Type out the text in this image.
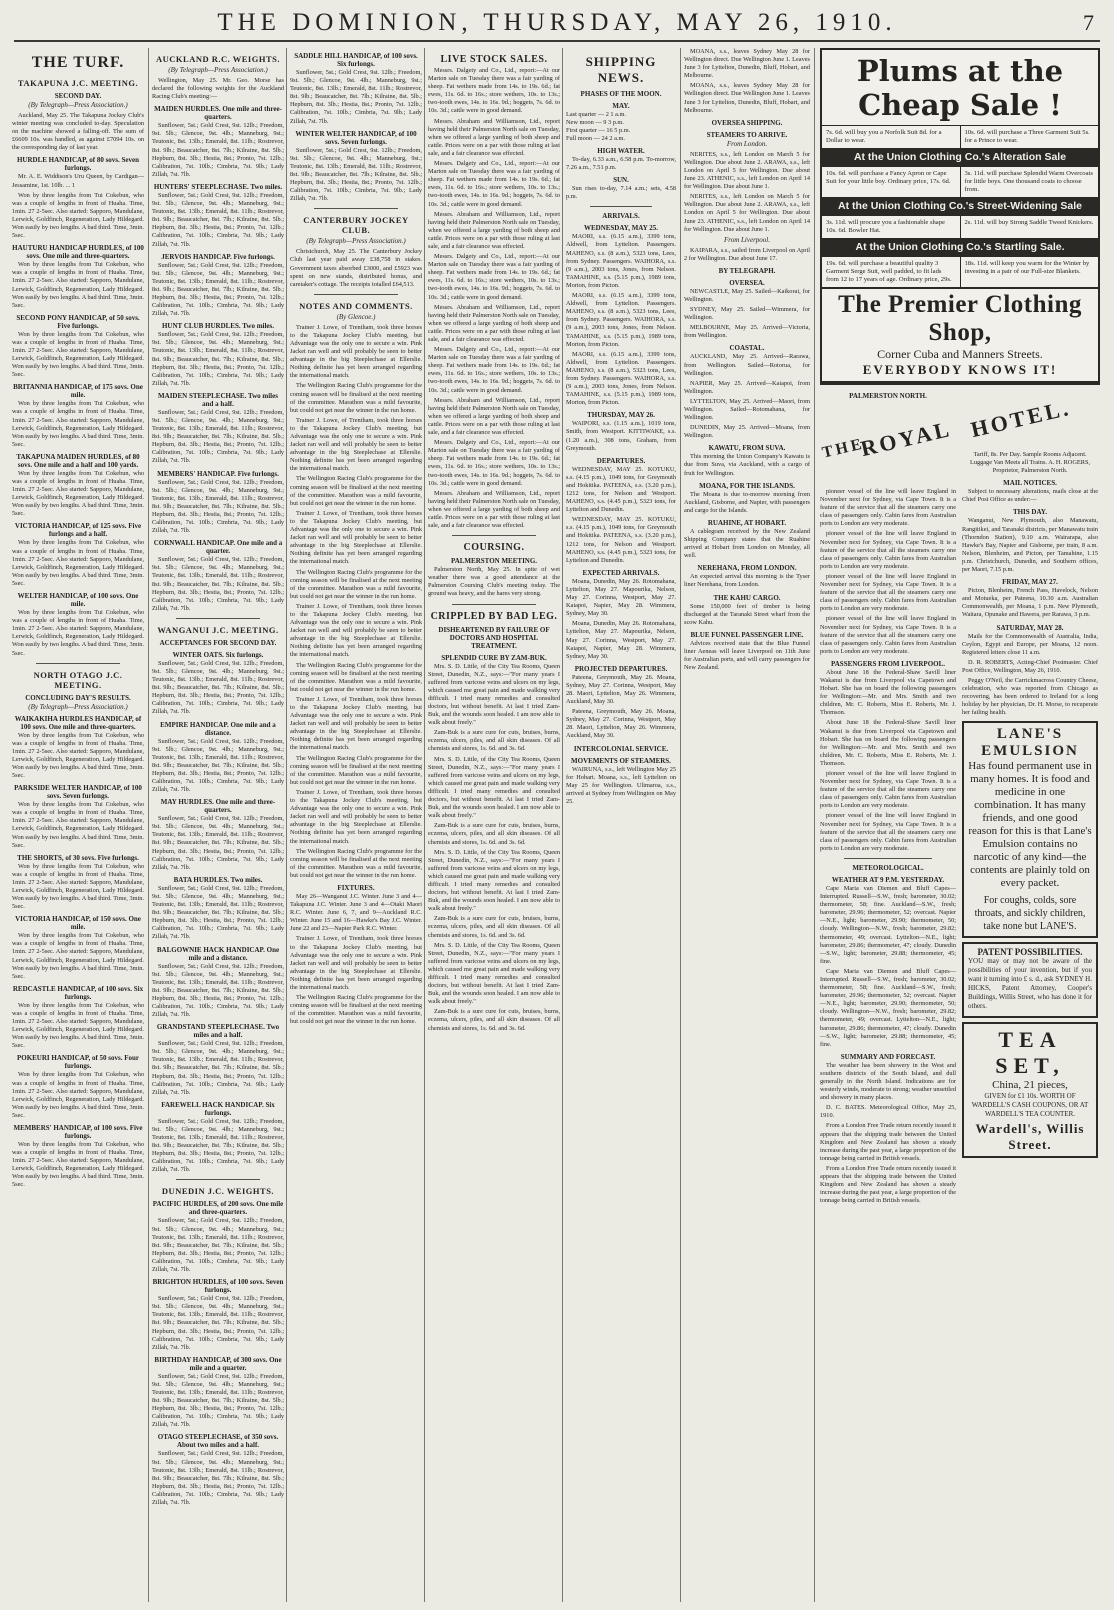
THE DOMINION, THURSDAY, MAY 26, 1910.	7
THE TURF.
TAKAPUNA J.C. MEETING.
SECOND DAY.
(By Telegraph—Press Association.)
Auckland, May 25. The Takapuna Jockey Club's winter meeting was concluded to-day. Speculation on the machine showed a falling-off. The sum of £6609 10s. was handled, as against £7094 10s. on the corresponding day of last year.
HURDLE HANDICAP, of 80 sovs. Seven furlongs.
Mr. A. E. Widdison's Uru Queen, by Cardigan—Jessamine, 1st. 10lb. ... 1
Won by three lengths from Tui Cokebun, who was a couple of lengths in front of Huaha. Time, 1min. 27 2-5sec. Also started: Sapporo, Mandulane, Lerwick, Goldfinch, Regeneration, Lady Hildegard. Won easily by two lengths. A bad third. Time, 3min. 5sec.
HAUTURU HANDICAP HURDLES, of 100 sovs. One mile and three-quarters.
Won by three lengths from Tui Cokebun, who was a couple of lengths in front of Huaha. Time, 1min. 27 2-5sec. Also started: Sapporo, Mandulane, Lerwick, Goldfinch, Regeneration, Lady Hildegard. Won easily by two lengths. A bad third. Time, 3min. 5sec.
SECOND PONY HANDICAP, of 50 sovs. Five furlongs.
Won by three lengths from Tui Cokebun, who was a couple of lengths in front of Huaha. Time, 1min. 27 2-5sec. Also started: Sapporo, Mandulane, Lerwick, Goldfinch, Regeneration, Lady Hildegard. Won easily by two lengths. A bad third. Time, 3min. 5sec.
BRITANNIA HANDICAP, of 175 sovs. One mile.
Won by three lengths from Tui Cokebun, who was a couple of lengths in front of Huaha. Time, 1min. 27 2-5sec. Also started: Sapporo, Mandulane, Lerwick, Goldfinch, Regeneration, Lady Hildegard. Won easily by two lengths. A bad third. Time, 3min. 5sec.
TAKAPUNA MAIDEN HURDLES, of 80 sovs. One mile and a half and 100 yards.
Won by three lengths from Tui Cokebun, who was a couple of lengths in front of Huaha. Time, 1min. 27 2-5sec. Also started: Sapporo, Mandulane, Lerwick, Goldfinch, Regeneration, Lady Hildegard. Won easily by two lengths. A bad third. Time, 3min. 5sec.
VICTORIA HANDICAP, of 125 sovs. Five furlongs and a half.
Won by three lengths from Tui Cokebun, who was a couple of lengths in front of Huaha. Time, 1min. 27 2-5sec. Also started: Sapporo, Mandulane, Lerwick, Goldfinch, Regeneration, Lady Hildegard. Won easily by two lengths. A bad third. Time, 3min. 5sec.
WELTER HANDICAP, of 100 sovs. One mile.
Won by three lengths from Tui Cokebun, who was a couple of lengths in front of Huaha. Time, 1min. 27 2-5sec. Also started: Sapporo, Mandulane, Lerwick, Goldfinch, Regeneration, Lady Hildegard. Won easily by two lengths. A bad third. Time, 3min. 5sec.
NORTH OTAGO J.C. MEETING.
CONCLUDING DAY'S RESULTS.
(By Telegraph—Press Association.)
WAIKAKIHA HURDLES HANDICAP, of 100 sovs. One mile and three-quarters.
Won by three lengths from Tui Cokebun, who was a couple of lengths in front of Huaha. Time, 1min. 27 2-5sec. Also started: Sapporo, Mandulane, Lerwick, Goldfinch, Regeneration, Lady Hildegard. Won easily by two lengths. A bad third. Time, 3min. 5sec.
PARKSIDE WELTER HANDICAP, of 100 sovs. Seven furlongs.
Won by three lengths from Tui Cokebun, who was a couple of lengths in front of Huaha. Time, 1min. 27 2-5sec. Also started: Sapporo, Mandulane, Lerwick, Goldfinch, Regeneration, Lady Hildegard. Won easily by two lengths. A bad third. Time, 3min. 5sec.
THE SHORTS, of 30 sovs. Five furlongs.
Won by three lengths from Tui Cokebun, who was a couple of lengths in front of Huaha. Time, 1min. 27 2-5sec. Also started: Sapporo, Mandulane, Lerwick, Goldfinch, Regeneration, Lady Hildegard. Won easily by two lengths. A bad third. Time, 3min. 5sec.
VICTORIA HANDICAP, of 150 sovs. One mile.
Won by three lengths from Tui Cokebun, who was a couple of lengths in front of Huaha. Time, 1min. 27 2-5sec. Also started: Sapporo, Mandulane, Lerwick, Goldfinch, Regeneration, Lady Hildegard. Won easily by two lengths. A bad third. Time, 3min. 5sec.
REDCASTLE HANDICAP, of 100 sovs. Six furlongs.
Won by three lengths from Tui Cokebun, who was a couple of lengths in front of Huaha. Time, 1min. 27 2-5sec. Also started: Sapporo, Mandulane, Lerwick, Goldfinch, Regeneration, Lady Hildegard. Won easily by two lengths. A bad third. Time, 3min. 5sec.
POKEURI HANDICAP, of 50 sovs. Four furlongs.
Won by three lengths from Tui Cokebun, who was a couple of lengths in front of Huaha. Time, 1min. 27 2-5sec. Also started: Sapporo, Mandulane, Lerwick, Goldfinch, Regeneration, Lady Hildegard. Won easily by two lengths. A bad third. Time, 3min. 5sec.
MEMBERS' HANDICAP, of 100 sovs. Five furlongs.
Won by three lengths from Tui Cokebun, who was a couple of lengths in front of Huaha. Time, 1min. 27 2-5sec. Also started: Sapporo, Mandulane, Lerwick, Goldfinch, Regeneration, Lady Hildegard. Won easily by two lengths. A bad third. Time, 3min. 5sec.
AUCKLAND R.C. WEIGHTS.
(By Telegraph—Press Association.)
Wellington, May 25. Mr. Geo. Morse has declared the following weights for the Auckland Racing Club's meeting:—
MAIDEN HURDLES. One mile and three-quarters.
Sunflower, 5st.; Gold Crest, 9st. 12lb.; Freedom, 9st. 5lb.; Glencoe, 9st. 4lb.; Manneburg, 9st.; Teutonic, 8st. 13lb.; Emerald, 8st. 11lb.; Rostrevor, 8st. 9lb.; Beaucatcher, 8st. 7lb.; Kilraine, 8st. 5lb.; Hepburn, 8st. 3lb.; Hestia, 8st.; Pronto, 7st. 12lb.; Calibration, 7st. 10lb.; Cimbria, 7st. 9lb.; Lady Zillah, 7st. 7lb.
HUNTERS' STEEPLECHASE. Two miles.
Sunflower, 5st.; Gold Crest, 9st. 12lb.; Freedom, 9st. 5lb.; Glencoe, 9st. 4lb.; Manneburg, 9st.; Teutonic, 8st. 13lb.; Emerald, 8st. 11lb.; Rostrevor, 8st. 9lb.; Beaucatcher, 8st. 7lb.; Kilraine, 8st. 5lb.; Hepburn, 8st. 3lb.; Hestia, 8st.; Pronto, 7st. 12lb.; Calibration, 7st. 10lb.; Cimbria, 7st. 9lb.; Lady Zillah, 7st. 7lb.
JERVOIS HANDICAP. Five furlongs.
Sunflower, 5st.; Gold Crest, 9st. 12lb.; Freedom, 9st. 5lb.; Glencoe, 9st. 4lb.; Manneburg, 9st.; Teutonic, 8st. 13lb.; Emerald, 8st. 11lb.; Rostrevor, 8st. 9lb.; Beaucatcher, 8st. 7lb.; Kilraine, 8st. 5lb.; Hepburn, 8st. 3lb.; Hestia, 8st.; Pronto, 7st. 12lb.; Calibration, 7st. 10lb.; Cimbria, 7st. 9lb.; Lady Zillah, 7st. 7lb.
HUNT CLUB HURDLES. Two miles.
Sunflower, 5st.; Gold Crest, 9st. 12lb.; Freedom, 9st. 5lb.; Glencoe, 9st. 4lb.; Manneburg, 9st.; Teutonic, 8st. 13lb.; Emerald, 8st. 11lb.; Rostrevor, 8st. 9lb.; Beaucatcher, 8st. 7lb.; Kilraine, 8st. 5lb.; Hepburn, 8st. 3lb.; Hestia, 8st.; Pronto, 7st. 12lb.; Calibration, 7st. 10lb.; Cimbria, 7st. 9lb.; Lady Zillah, 7st. 7lb.
MAIDEN STEEPLECHASE. Two miles and a half.
Sunflower, 5st.; Gold Crest, 9st. 12lb.; Freedom, 9st. 5lb.; Glencoe, 9st. 4lb.; Manneburg, 9st.; Teutonic, 8st. 13lb.; Emerald, 8st. 11lb.; Rostrevor, 8st. 9lb.; Beaucatcher, 8st. 7lb.; Kilraine, 8st. 5lb.; Hepburn, 8st. 3lb.; Hestia, 8st.; Pronto, 7st. 12lb.; Calibration, 7st. 10lb.; Cimbria, 7st. 9lb.; Lady Zillah, 7st. 7lb.
MEMBERS' HANDICAP. Five furlongs.
Sunflower, 5st.; Gold Crest, 9st. 12lb.; Freedom, 9st. 5lb.; Glencoe, 9st. 4lb.; Manneburg, 9st.; Teutonic, 8st. 13lb.; Emerald, 8st. 11lb.; Rostrevor, 8st. 9lb.; Beaucatcher, 8st. 7lb.; Kilraine, 8st. 5lb.; Hepburn, 8st. 3lb.; Hestia, 8st.; Pronto, 7st. 12lb.; Calibration, 7st. 10lb.; Cimbria, 7st. 9lb.; Lady Zillah, 7st. 7lb.
CORNWALL HANDICAP. One mile and a quarter.
Sunflower, 5st.; Gold Crest, 9st. 12lb.; Freedom, 9st. 5lb.; Glencoe, 9st. 4lb.; Manneburg, 9st.; Teutonic, 8st. 13lb.; Emerald, 8st. 11lb.; Rostrevor, 8st. 9lb.; Beaucatcher, 8st. 7lb.; Kilraine, 8st. 5lb.; Hepburn, 8st. 3lb.; Hestia, 8st.; Pronto, 7st. 12lb.; Calibration, 7st. 10lb.; Cimbria, 7st. 9lb.; Lady Zillah, 7st. 7lb.
WANGANUI J.C. MEETING.
ACCEPTANCES FOR SECOND DAY.
WINTER OATS. Six furlongs.
Sunflower, 5st.; Gold Crest, 9st. 12lb.; Freedom, 9st. 5lb.; Glencoe, 9st. 4lb.; Manneburg, 9st.; Teutonic, 8st. 13lb.; Emerald, 8st. 11lb.; Rostrevor, 8st. 9lb.; Beaucatcher, 8st. 7lb.; Kilraine, 8st. 5lb.; Hepburn, 8st. 3lb.; Hestia, 8st.; Pronto, 7st. 12lb.; Calibration, 7st. 10lb.; Cimbria, 7st. 9lb.; Lady Zillah, 7st. 7lb.
EMPIRE HANDICAP. One mile and a distance.
Sunflower, 5st.; Gold Crest, 9st. 12lb.; Freedom, 9st. 5lb.; Glencoe, 9st. 4lb.; Manneburg, 9st.; Teutonic, 8st. 13lb.; Emerald, 8st. 11lb.; Rostrevor, 8st. 9lb.; Beaucatcher, 8st. 7lb.; Kilraine, 8st. 5lb.; Hepburn, 8st. 3lb.; Hestia, 8st.; Pronto, 7st. 12lb.; Calibration, 7st. 10lb.; Cimbria, 7st. 9lb.; Lady Zillah, 7st. 7lb.
MAY HURDLES. One mile and three-quarters.
Sunflower, 5st.; Gold Crest, 9st. 12lb.; Freedom, 9st. 5lb.; Glencoe, 9st. 4lb.; Manneburg, 9st.; Teutonic, 8st. 13lb.; Emerald, 8st. 11lb.; Rostrevor, 8st. 9lb.; Beaucatcher, 8st. 7lb.; Kilraine, 8st. 5lb.; Hepburn, 8st. 3lb.; Hestia, 8st.; Pronto, 7st. 12lb.; Calibration, 7st. 10lb.; Cimbria, 7st. 9lb.; Lady Zillah, 7st. 7lb.
BATA HURDLES. Two miles.
Sunflower, 5st.; Gold Crest, 9st. 12lb.; Freedom, 9st. 5lb.; Glencoe, 9st. 4lb.; Manneburg, 9st.; Teutonic, 8st. 13lb.; Emerald, 8st. 11lb.; Rostrevor, 8st. 9lb.; Beaucatcher, 8st. 7lb.; Kilraine, 8st. 5lb.; Hepburn, 8st. 3lb.; Hestia, 8st.; Pronto, 7st. 12lb.; Calibration, 7st. 10lb.; Cimbria, 7st. 9lb.; Lady Zillah, 7st. 7lb.
BALGOWNIE HACK HANDICAP. One mile and a distance.
Sunflower, 5st.; Gold Crest, 9st. 12lb.; Freedom, 9st. 5lb.; Glencoe, 9st. 4lb.; Manneburg, 9st.; Teutonic, 8st. 13lb.; Emerald, 8st. 11lb.; Rostrevor, 8st. 9lb.; Beaucatcher, 8st. 7lb.; Kilraine, 8st. 5lb.; Hepburn, 8st. 3lb.; Hestia, 8st.; Pronto, 7st. 12lb.; Calibration, 7st. 10lb.; Cimbria, 7st. 9lb.; Lady Zillah, 7st. 7lb.
GRANDSTAND STEEPLECHASE. Two miles and a half.
Sunflower, 5st.; Gold Crest, 9st. 12lb.; Freedom, 9st. 5lb.; Glencoe, 9st. 4lb.; Manneburg, 9st.; Teutonic, 8st. 13lb.; Emerald, 8st. 11lb.; Rostrevor, 8st. 9lb.; Beaucatcher, 8st. 7lb.; Kilraine, 8st. 5lb.; Hepburn, 8st. 3lb.; Hestia, 8st.; Pronto, 7st. 12lb.; Calibration, 7st. 10lb.; Cimbria, 7st. 9lb.; Lady Zillah, 7st. 7lb.
FAREWELL HACK HANDICAP. Six furlongs.
Sunflower, 5st.; Gold Crest, 9st. 12lb.; Freedom, 9st. 5lb.; Glencoe, 9st. 4lb.; Manneburg, 9st.; Teutonic, 8st. 13lb.; Emerald, 8st. 11lb.; Rostrevor, 8st. 9lb.; Beaucatcher, 8st. 7lb.; Kilraine, 8st. 5lb.; Hepburn, 8st. 3lb.; Hestia, 8st.; Pronto, 7st. 12lb.; Calibration, 7st. 10lb.; Cimbria, 7st. 9lb.; Lady Zillah, 7st. 7lb.
DUNEDIN J.C. WEIGHTS.
PACIFIC HURDLES, of 200 sovs. One mile and three-quarters.
Sunflower, 5st.; Gold Crest, 9st. 12lb.; Freedom, 9st. 5lb.; Glencoe, 9st. 4lb.; Manneburg, 9st.; Teutonic, 8st. 13lb.; Emerald, 8st. 11lb.; Rostrevor, 8st. 9lb.; Beaucatcher, 8st. 7lb.; Kilraine, 8st. 5lb.; Hepburn, 8st. 3lb.; Hestia, 8st.; Pronto, 7st. 12lb.; Calibration, 7st. 10lb.; Cimbria, 7st. 9lb.; Lady Zillah, 7st. 7lb.
BRIGHTON HURDLES, of 100 sovs. Seven furlongs.
Sunflower, 5st.; Gold Crest, 9st. 12lb.; Freedom, 9st. 5lb.; Glencoe, 9st. 4lb.; Manneburg, 9st.; Teutonic, 8st. 13lb.; Emerald, 8st. 11lb.; Rostrevor, 8st. 9lb.; Beaucatcher, 8st. 7lb.; Kilraine, 8st. 5lb.; Hepburn, 8st. 3lb.; Hestia, 8st.; Pronto, 7st. 12lb.; Calibration, 7st. 10lb.; Cimbria, 7st. 9lb.; Lady Zillah, 7st. 7lb.
BIRTHDAY HANDICAP, of 300 sovs. One mile and a quarter.
Sunflower, 5st.; Gold Crest, 9st. 12lb.; Freedom, 9st. 5lb.; Glencoe, 9st. 4lb.; Manneburg, 9st.; Teutonic, 8st. 13lb.; Emerald, 8st. 11lb.; Rostrevor, 8st. 9lb.; Beaucatcher, 8st. 7lb.; Kilraine, 8st. 5lb.; Hepburn, 8st. 3lb.; Hestia, 8st.; Pronto, 7st. 12lb.; Calibration, 7st. 10lb.; Cimbria, 7st. 9lb.; Lady Zillah, 7st. 7lb.
OTAGO STEEPLECHASE, of 350 sovs. About two miles and a half.
Sunflower, 5st.; Gold Crest, 9st. 12lb.; Freedom, 9st. 5lb.; Glencoe, 9st. 4lb.; Manneburg, 9st.; Teutonic, 8st. 13lb.; Emerald, 8st. 11lb.; Rostrevor, 8st. 9lb.; Beaucatcher, 8st. 7lb.; Kilraine, 8st. 5lb.; Hepburn, 8st. 3lb.; Hestia, 8st.; Pronto, 7st. 12lb.; Calibration, 7st. 10lb.; Cimbria, 7st. 9lb.; Lady Zillah, 7st. 7lb.
SADDLE HILL HANDICAP, of 100 sovs. Six furlongs.
Sunflower, 5st.; Gold Crest, 9st. 12lb.; Freedom, 9st. 5lb.; Glencoe, 9st. 4lb.; Manneburg, 9st.; Teutonic, 8st. 13lb.; Emerald, 8st. 11lb.; Rostrevor, 8st. 9lb.; Beaucatcher, 8st. 7lb.; Kilraine, 8st. 5lb.; Hepburn, 8st. 3lb.; Hestia, 8st.; Pronto, 7st. 12lb.; Calibration, 7st. 10lb.; Cimbria, 7st. 9lb.; Lady Zillah, 7st. 7lb.
WINTER WELTER HANDICAP, of 100 sovs. Seven furlongs.
Sunflower, 5st.; Gold Crest, 9st. 12lb.; Freedom, 9st. 5lb.; Glencoe, 9st. 4lb.; Manneburg, 9st.; Teutonic, 8st. 13lb.; Emerald, 8st. 11lb.; Rostrevor, 8st. 9lb.; Beaucatcher, 8st. 7lb.; Kilraine, 8st. 5lb.; Hepburn, 8st. 3lb.; Hestia, 8st.; Pronto, 7st. 12lb.; Calibration, 7st. 10lb.; Cimbria, 7st. 9lb.; Lady Zillah, 7st. 7lb.
CANTERBURY JOCKEY CLUB.
(By Telegraph—Press Association.)
Christchurch, May 25. The Canterbury Jockey Club last year paid away £38,758 in stakes. Government taxes absorbed £3000, and £5923 was spent on new stands, distributed bonus, and caretaker's cottage. The receipts totalled £64,513.
NOTES AND COMMENTS.
(By Glencoe.)
Trainer J. Lowe, of Trentham, took three horses to the Takapuna Jockey Club's meeting, but Advantage was the only one to secure a win. Pink Jacket ran well and will probably be seen to better advantage in the big Steeplechase at Ellerslie. Nothing definite has yet been arranged regarding the international match.
The Wellington Racing Club's programme for the coming season will be finalised at the next meeting of the committee. Marathon was a mild favourite, but could not get near the winner in the run home.
Trainer J. Lowe, of Trentham, took three horses to the Takapuna Jockey Club's meeting, but Advantage was the only one to secure a win. Pink Jacket ran well and will probably be seen to better advantage in the big Steeplechase at Ellerslie. Nothing definite has yet been arranged regarding the international match.
The Wellington Racing Club's programme for the coming season will be finalised at the next meeting of the committee. Marathon was a mild favourite, but could not get near the winner in the run home.
Trainer J. Lowe, of Trentham, took three horses to the Takapuna Jockey Club's meeting, but Advantage was the only one to secure a win. Pink Jacket ran well and will probably be seen to better advantage in the big Steeplechase at Ellerslie. Nothing definite has yet been arranged regarding the international match.
The Wellington Racing Club's programme for the coming season will be finalised at the next meeting of the committee. Marathon was a mild favourite, but could not get near the winner in the run home.
Trainer J. Lowe, of Trentham, took three horses to the Takapuna Jockey Club's meeting, but Advantage was the only one to secure a win. Pink Jacket ran well and will probably be seen to better advantage in the big Steeplechase at Ellerslie. Nothing definite has yet been arranged regarding the international match.
The Wellington Racing Club's programme for the coming season will be finalised at the next meeting of the committee. Marathon was a mild favourite, but could not get near the winner in the run home.
Trainer J. Lowe, of Trentham, took three horses to the Takapuna Jockey Club's meeting, but Advantage was the only one to secure a win. Pink Jacket ran well and will probably be seen to better advantage in the big Steeplechase at Ellerslie. Nothing definite has yet been arranged regarding the international match.
The Wellington Racing Club's programme for the coming season will be finalised at the next meeting of the committee. Marathon was a mild favourite, but could not get near the winner in the run home.
Trainer J. Lowe, of Trentham, took three horses to the Takapuna Jockey Club's meeting, but Advantage was the only one to secure a win. Pink Jacket ran well and will probably be seen to better advantage in the big Steeplechase at Ellerslie. Nothing definite has yet been arranged regarding the international match.
The Wellington Racing Club's programme for the coming season will be finalised at the next meeting of the committee. Marathon was a mild favourite, but could not get near the winner in the run home.
FIXTURES.
May 26—Wanganui J.C. Winter. June 3 and 4—Takapuna J.C. Winter. June 3 and 4—Otaki Maori R.C. Winter. June 6, 7, and 9—Auckland R.C. Winter. June 15 and 16—Hawke's Bay J.C. Winter. June 22 and 23—Napier Park R.C. Winter.
Trainer J. Lowe, of Trentham, took three horses to the Takapuna Jockey Club's meeting, but Advantage was the only one to secure a win. Pink Jacket ran well and will probably be seen to better advantage in the big Steeplechase at Ellerslie. Nothing definite has yet been arranged regarding the international match.
The Wellington Racing Club's programme for the coming season will be finalised at the next meeting of the committee. Marathon was a mild favourite, but could not get near the winner in the run home.
LIVE STOCK SALES.
Messrs. Dalgety and Co., Ltd., report:—At our Marton sale on Tuesday there was a fair yarding of sheep. Fat wethers made from 14s. to 19s. 6d.; fat ewes, 11s. 6d. to 16s.; store wethers, 10s. to 13s.; two-tooth ewes, 14s. to 16s. 9d.; hoggets, 7s. 6d. to 10s. 3d.; cattle were in good demand.
Messrs. Abraham and Williamson, Ltd., report having held their Palmerston North sale on Tuesday, when we offered a large yarding of both sheep and cattle. Prices were on a par with those ruling at last sale, and a fair clearance was effected.
Messrs. Dalgety and Co., Ltd., report:—At our Marton sale on Tuesday there was a fair yarding of sheep. Fat wethers made from 14s. to 19s. 6d.; fat ewes, 11s. 6d. to 16s.; store wethers, 10s. to 13s.; two-tooth ewes, 14s. to 16s. 9d.; hoggets, 7s. 6d. to 10s. 3d.; cattle were in good demand.
Messrs. Abraham and Williamson, Ltd., report having held their Palmerston North sale on Tuesday, when we offered a large yarding of both sheep and cattle. Prices were on a par with those ruling at last sale, and a fair clearance was effected.
Messrs. Dalgety and Co., Ltd., report:—At our Marton sale on Tuesday there was a fair yarding of sheep. Fat wethers made from 14s. to 19s. 6d.; fat ewes, 11s. 6d. to 16s.; store wethers, 10s. to 13s.; two-tooth ewes, 14s. to 16s. 9d.; hoggets, 7s. 6d. to 10s. 3d.; cattle were in good demand.
Messrs. Abraham and Williamson, Ltd., report having held their Palmerston North sale on Tuesday, when we offered a large yarding of both sheep and cattle. Prices were on a par with those ruling at last sale, and a fair clearance was effected.
Messrs. Dalgety and Co., Ltd., report:—At our Marton sale on Tuesday there was a fair yarding of sheep. Fat wethers made from 14s. to 19s. 6d.; fat ewes, 11s. 6d. to 16s.; store wethers, 10s. to 13s.; two-tooth ewes, 14s. to 16s. 9d.; hoggets, 7s. 6d. to 10s. 3d.; cattle were in good demand.
Messrs. Abraham and Williamson, Ltd., report having held their Palmerston North sale on Tuesday, when we offered a large yarding of both sheep and cattle. Prices were on a par with those ruling at last sale, and a fair clearance was effected.
Messrs. Dalgety and Co., Ltd., report:—At our Marton sale on Tuesday there was a fair yarding of sheep. Fat wethers made from 14s. to 19s. 6d.; fat ewes, 11s. 6d. to 16s.; store wethers, 10s. to 13s.; two-tooth ewes, 14s. to 16s. 9d.; hoggets, 7s. 6d. to 10s. 3d.; cattle were in good demand.
Messrs. Abraham and Williamson, Ltd., report having held their Palmerston North sale on Tuesday, when we offered a large yarding of both sheep and cattle. Prices were on a par with those ruling at last sale, and a fair clearance was effected.
COURSING.
PALMERSTON MEETING.
Palmerston North, May 25. In spite of wet weather there was a good attendance at the Palmerston Coursing Club's meeting today. The ground was heavy, and the hares very strong.
CRIPPLED BY BAD LEG.
DISHEARTENED BY FAILURE OF DOCTORS AND HOSPITAL TREATMENT.
SPLENDID CURE BY ZAM-BUK.
Mrs. S. D. Little, of the City Tea Rooms, Queen Street, Dunedin, N.Z., says:—"For many years I suffered from varicose veins and ulcers on my legs, which caused me great pain and made walking very difficult. I tried many remedies and consulted doctors, but without benefit. At last I tried Zam-Buk, and the wounds soon healed. I am now able to walk about freely."
Zam-Buk is a sure cure for cuts, bruises, burns, eczema, ulcers, piles, and all skin diseases. Of all chemists and stores, 1s. 6d. and 3s. 6d.
Mrs. S. D. Little, of the City Tea Rooms, Queen Street, Dunedin, N.Z., says:—"For many years I suffered from varicose veins and ulcers on my legs, which caused me great pain and made walking very difficult. I tried many remedies and consulted doctors, but without benefit. At last I tried Zam-Buk, and the wounds soon healed. I am now able to walk about freely."
Zam-Buk is a sure cure for cuts, bruises, burns, eczema, ulcers, piles, and all skin diseases. Of all chemists and stores, 1s. 6d. and 3s. 6d.
Mrs. S. D. Little, of the City Tea Rooms, Queen Street, Dunedin, N.Z., says:—"For many years I suffered from varicose veins and ulcers on my legs, which caused me great pain and made walking very difficult. I tried many remedies and consulted doctors, but without benefit. At last I tried Zam-Buk, and the wounds soon healed. I am now able to walk about freely."
Zam-Buk is a sure cure for cuts, bruises, burns, eczema, ulcers, piles, and all skin diseases. Of all chemists and stores, 1s. 6d. and 3s. 6d.
Mrs. S. D. Little, of the City Tea Rooms, Queen Street, Dunedin, N.Z., says:—"For many years I suffered from varicose veins and ulcers on my legs, which caused me great pain and made walking very difficult. I tried many remedies and consulted doctors, but without benefit. At last I tried Zam-Buk, and the wounds soon healed. I am now able to walk about freely."
Zam-Buk is a sure cure for cuts, bruises, burns, eczema, ulcers, piles, and all skin diseases. Of all chemists and stores, 1s. 6d. and 3s. 6d.
SHIPPING NEWS.
PHASES OF THE MOON.
MAY.
Last quarter — 2 1 a.m.
New moon — 9 3 p.m.
First quarter — 16 5 p.m.
Full moon — 24 2 a.m.
HIGH WATER.
To-day, 6.33 a.m., 6.58 p.m. To-morrow, 7.26 a.m., 7.51 p.m.
SUN.
Sun rises to-day, 7.14 a.m.; sets, 4.58 p.m.
ARRIVALS.
WEDNESDAY, MAY 25.
MAORI, s.s. (6.15 a.m.), 3399 tons, Aldwell, from Lyttelton. Passengers. MAHENO, s.s. (8 a.m.), 5323 tons, Lees, from Sydney. Passengers. WAIHORA, s.s. (9 a.m.), 2003 tons, Jones, from Nelson. TAMAHINE, s.s. (5.15 p.m.), 1989 tons, Morton, from Picton.
MAORI, s.s. (6.15 a.m.), 3399 tons, Aldwell, from Lyttelton. Passengers. MAHENO, s.s. (8 a.m.), 5323 tons, Lees, from Sydney. Passengers. WAIHORA, s.s. (9 a.m.), 2003 tons, Jones, from Nelson. TAMAHINE, s.s. (5.15 p.m.), 1989 tons, Morton, from Picton.
MAORI, s.s. (6.15 a.m.), 3399 tons, Aldwell, from Lyttelton. Passengers. MAHENO, s.s. (8 a.m.), 5323 tons, Lees, from Sydney. Passengers. WAIHORA, s.s. (9 a.m.), 2003 tons, Jones, from Nelson. TAMAHINE, s.s. (5.15 p.m.), 1989 tons, Morton, from Picton.
THURSDAY, MAY 26.
WAIPORI, s.s. (1.15 a.m.), 1019 tons, Smith, from Westport. KITTIWAKE, s.s. (1.20 a.m.), 308 tons, Graham, from Greymouth.
DEPARTURES.
WEDNESDAY, MAY 25. KOTUKU, s.s. (4.15 p.m.), 1049 tons, for Greymouth and Hokitika. PATEENA, s.s. (3.20 p.m.), 1212 tons, for Nelson and Westport. MAHENO, s.s. (4.45 p.m.), 5323 tons, for Lyttelton and Dunedin.
WEDNESDAY, MAY 25. KOTUKU, s.s. (4.15 p.m.), 1049 tons, for Greymouth and Hokitika. PATEENA, s.s. (3.20 p.m.), 1212 tons, for Nelson and Westport. MAHENO, s.s. (4.45 p.m.), 5323 tons, for Lyttelton and Dunedin.
EXPECTED ARRIVALS.
Moana, Dunedin, May 26. Rotomahana, Lyttelton, May 27. Mapourika, Nelson, May 27. Corinna, Westport, May 27. Kaiapoi, Napier, May 28. Wimmera, Sydney, May 30.
Moana, Dunedin, May 26. Rotomahana, Lyttelton, May 27. Mapourika, Nelson, May 27. Corinna, Westport, May 27. Kaiapoi, Napier, May 28. Wimmera, Sydney, May 30.
PROJECTED DEPARTURES.
Pateena, Greymouth, May 26. Moana, Sydney, May 27. Corinna, Westport, May 28. Maori, Lyttelton, May 26. Wimmera, Auckland, May 30.
Pateena, Greymouth, May 26. Moana, Sydney, May 27. Corinna, Westport, May 28. Maori, Lyttelton, May 26. Wimmera, Auckland, May 30.
INTERCOLONIAL SERVICE.
MOVEMENTS OF STEAMERS.
WAIRUNA, s.s., left Wellington May 25 for Hobart. Moana, s.s., left Lyttelton on May 25 for Wellington. Ulimaroa, s.s., arrived at Sydney from Wellington on May 25.
MOANA, s.s., leaves Sydney May 28 for Wellington direct. Due Wellington June 1. Leaves June 3 for Lyttelton, Dunedin, Bluff, Hobart, and Melbourne.
MOANA, s.s., leaves Sydney May 28 for Wellington direct. Due Wellington June 1. Leaves June 3 for Lyttelton, Dunedin, Bluff, Hobart, and Melbourne.
OVERSEA SHIPPING.
STEAMERS TO ARRIVE.
From London.
NERITES, s.s., left London on March 5 for Wellington. Due about June 2. ARAWA, s.s., left London on April 5 for Wellington. Due about June 23. ATHENIC, s.s., left London on April 14 for Wellington. Due about June 1.
NERITES, s.s., left London on March 5 for Wellington. Due about June 2. ARAWA, s.s., left London on April 5 for Wellington. Due about June 23. ATHENIC, s.s., left London on April 14 for Wellington. Due about June 1.
From Liverpool.
KAIPARA, s.s., sailed from Liverpool on April 2 for Wellington. Due about June 17.
BY TELEGRAPH.
OVERSEA.
NEWCASTLE, May 25. Sailed—Kaikorai, for Wellington.
SYDNEY, May 25. Sailed—Wimmera, for Wellington.
MELBOURNE, May 25. Arrived—Victoria, from Wellington.
COASTAL.
AUCKLAND, May 25. Arrived—Rarawa, from Wellington. Sailed—Rotorua, for Wellington.
NAPIER, May 25. Arrived—Kaiapoi, from Wellington.
LYTTELTON, May 25. Arrived—Maori, from Wellington. Sailed—Rotomahana, for Wellington.
DUNEDIN, May 25. Arrived—Moana, from Wellington.
KAWATU, FROM SUVA.
This morning the Union Company's Kawatu is due from Suva, via Auckland, with a cargo of fruit for Wellington.
MOANA, FOR THE ISLANDS.
The Moana is due to-morrow morning from Auckland, Gisborne, and Napier, with passengers and cargo for the Islands.
RUAHINE, AT HOBART.
A cablegram received by the New Zealand Shipping Company states that the Ruahine arrived at Hobart from London on Monday, all well.
NEREHANA, FROM LONDON.
An expected arrival this morning is the Tyser liner Nerehana, from London.
THE KAHU CARGO.
Some 150,000 feet of timber is being discharged at the Taranaki Street wharf from the scow Kahu.
BLUE FUNNEL PASSENGER LINE.
Advices received state that the Blue Funnel liner Aeneas will leave Liverpool on 11th June for Australian ports, and will carry passengers for New Zealand.
Plums at the Cheap Sale !
7s. 6d. will buy you a Norfolk Suit 8d. for a Dollar to wear.
10s. 6d. will purchase a Three Garment Suit 5s. for a Prince to wear.
At the Union Clothing Co.'s Alteration Sale
10s. 6d. will purchase a Fancy Apron or Cape Suit for your little boy. Ordinary price, 17s. 6d.
3s. 11d. will purchase Splendid Warm Overcoats for little boys. One thousand coats to choose from.
At the Union Clothing Co.'s Street-Widening Sale
3s. 11d. will procure you a fashionable shape 10s. 6d. Bowler Hat.
2s. 11d. will buy Strong Saddle Tweed Knickers.
At the Union Clothing Co.'s Startling Sale.
19s. 6d. will purchase a beautiful quality 3 Garment Serge Suit, well padded, to fit lads from 12 to 17 years of age. Ordinary price, 29s.
18s. 11d. will keep you warm for the Winter by investing in a pair of our Full-size Blankets.
The Premier Clothing Shop,
Corner Cuba and Manners Streets.
EVERYBODY KNOWS IT!
PALMERSTON NORTH.
THE
ROYAL HOTEL.
pioneer vessel of the line will leave England in November next for Sydney, via Cape Town. It is a feature of the service that all the steamers carry one class of passengers only. Cabin fares from Australian ports to London are very moderate.
pioneer vessel of the line will leave England in November next for Sydney, via Cape Town. It is a feature of the service that all the steamers carry one class of passengers only. Cabin fares from Australian ports to London are very moderate.
pioneer vessel of the line will leave England in November next for Sydney, via Cape Town. It is a feature of the service that all the steamers carry one class of passengers only. Cabin fares from Australian ports to London are very moderate.
pioneer vessel of the line will leave England in November next for Sydney, via Cape Town. It is a feature of the service that all the steamers carry one class of passengers only. Cabin fares from Australian ports to London are very moderate.
PASSENGERS FROM LIVERPOOL.
About June 18 the Federal-Shaw Savill liner Wakanui is due from Liverpool via Capetown and Hobart. She has on board the following passengers for Wellington:—Mr. and Mrs. Smith and two children, Mr. C. Roberts, Miss E. Roberts, Mr. J. Thomson.
About June 18 the Federal-Shaw Savill liner Wakanui is due from Liverpool via Capetown and Hobart. She has on board the following passengers for Wellington:—Mr. and Mrs. Smith and two children, Mr. C. Roberts, Miss E. Roberts, Mr. J. Thomson.
pioneer vessel of the line will leave England in November next for Sydney, via Cape Town. It is a feature of the service that all the steamers carry one class of passengers only. Cabin fares from Australian ports to London are very moderate.
pioneer vessel of the line will leave England in November next for Sydney, via Cape Town. It is a feature of the service that all the steamers carry one class of passengers only. Cabin fares from Australian ports to London are very moderate.
METEOROLOGICAL.
WEATHER AT 9 P.M. YESTERDAY.
Cape Maria van Diemen and Bluff Capes—Interrupted. Russell—S.W., fresh; barometer, 30.02; thermometer, 58; fine. Auckland—S.W., fresh; barometer, 29.96; thermometer, 52; overcast. Napier—N.E., light; barometer, 29.90; thermometer, 50; cloudy. Wellington—N.W., fresh; barometer, 29.82; thermometer, 49; overcast. Lyttelton—N.E., light; barometer, 29.86; thermometer, 47; cloudy. Dunedin—S.W., light; barometer, 29.88; thermometer, 45; fine.
Cape Maria van Diemen and Bluff Capes—Interrupted. Russell—S.W., fresh; barometer, 30.02; thermometer, 58; fine. Auckland—S.W., fresh; barometer, 29.96; thermometer, 52; overcast. Napier—N.E., light; barometer, 29.90; thermometer, 50; cloudy. Wellington—N.W., fresh; barometer, 29.82; thermometer, 49; overcast. Lyttelton—N.E., light; barometer, 29.86; thermometer, 47; cloudy. Dunedin—S.W., light; barometer, 29.88; thermometer, 45; fine.
SUMMARY AND FORECAST.
The weather has been showery in the West and southern districts of the South Island, and dull generally in the North Island. Indications are for westerly winds, moderate to strong; weather unsettled and showery in many places.
D. C. BATES. Meteorological Office, May 25, 1910.
From a London Free Trade return recently issued it appears that the shipping trade between the United Kingdom and New Zealand has shown a steady increase during the past year, a large proportion of the tonnage being carried in British vessels.
From a London Free Trade return recently issued it appears that the shipping trade between the United Kingdom and New Zealand has shown a steady increase during the past year, a large proportion of the tonnage being carried in British vessels.
Tariff, 8s. Per Day. Sample Rooms Adjacent. Luggage Van Meets all Trains. A. H. ROGERS, Proprietor, Palmerston North.
MAIL NOTICES.
Subject to necessary alterations, mails close at the Chief Post Office as under:—
THIS DAY.
Wanganui, New Plymouth, also Manawatu, Rangitikei, and Taranaki districts, per Manawatu train (Thorndon Station), 9.10 a.m. Wairarapa, also Hawke's Bay, Napier and Gisborne, per train, 8 a.m. Nelson, Blenheim, and Picton, per Tamahine, 1.15 p.m. Christchurch, Dunedin, and Southern offices, per Maori, 7.15 p.m.
FRIDAY, MAY 27.
Picton, Blenheim, French Pass, Havelock, Nelson and Motueka, per Pateena, 10.30 a.m. Australian Commonwealth, per Moana, 1 p.m. New Plymouth, Waitara, Opunake and Hawera, per Rarawa, 3 p.m.
SATURDAY, MAY 28.
Mails for the Commonwealth of Australia, India, Ceylon, Egypt and Europe, per Moana, 12 noon. Registered letters close 11 a.m.
D. R. ROBERTS, Acting-Chief Postmaster. Chief Post Office, Wellington, May 26, 1910.
Peggy O'Neil, the Carrickmacross Country Cheese, celebration, who was reported from Chicago as recovering, has been ordered to Ireland for a long holiday by her physician, Dr. H. Morse, to recuperate her failing health.
LANE'S EMULSION
Has found permanent use in many homes. It is food and medicine in one combination. It has many friends, and one good reason for this is that Lane's Emulsion contains no narcotic of any kind—the contents are plainly told on every packet.
For coughs, colds, sore throats, and sickly children, take none but LANE'S.
PATENT POSSIBILITIES.
YOU may or may not be aware of the possibilities of your invention, but if you want it turning into £ s. d., ask SYDNEY H. HICKS, Patent Attorney, Cooper's Buildings, Willis Street, who has done it for others.
TEA SET,
China, 21 pieces,
GIVEN for £1 10s. WORTH OF WARDELL'S CASH COUPONS, OR AT WARDELL'S TEA COUNTER.
Wardell's, Willis Street.
